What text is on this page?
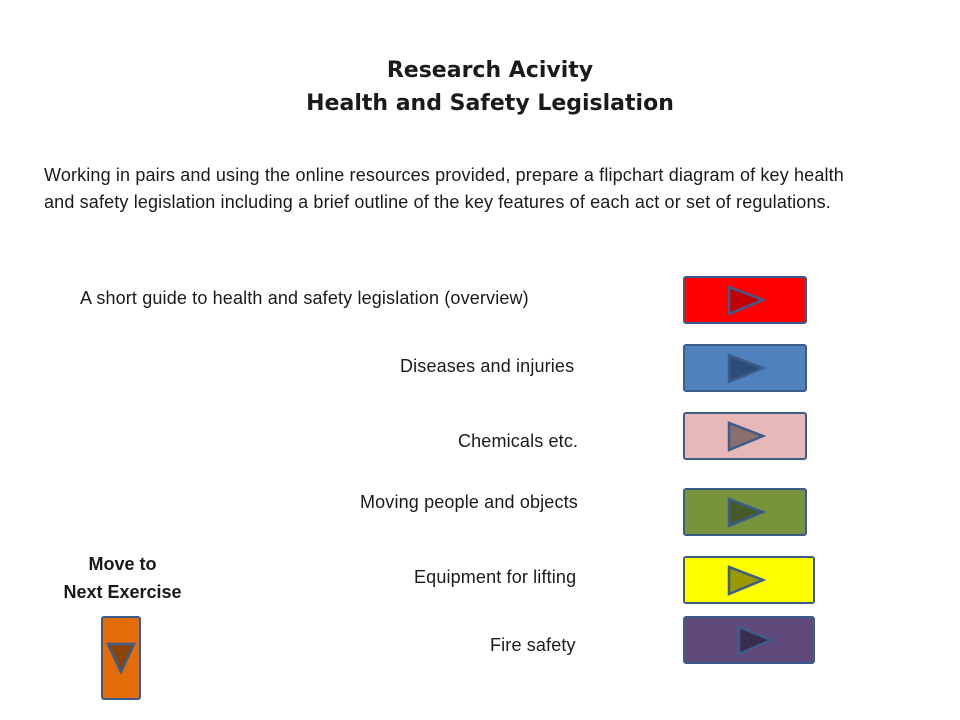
Research Acivity
Health and Safety Legislation
Working in pairs and using the online resources provided, prepare a flipchart diagram of key health and safety legislation including a brief outline of the key features of each act or set of regulations.
A short guide to health and safety legislation (overview)
Diseases and injuries
Chemicals etc.
Moving people and objects
Equipment for lifting
Fire safety
Move to
Next Exercise
